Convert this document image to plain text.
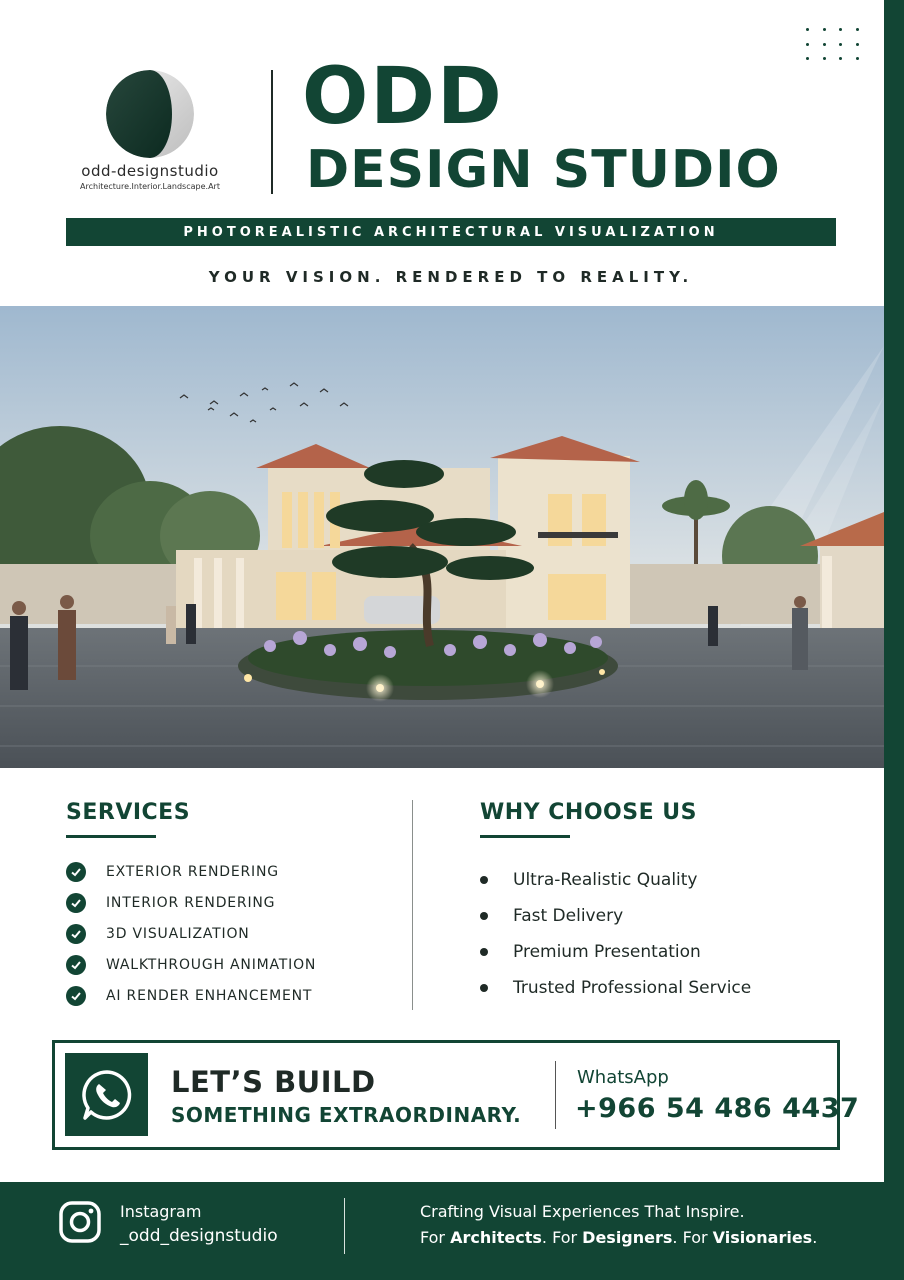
odd-designstudio
Architecture.Interior.Landscape.Art
ODD
DESIGN STUDIO
PHOTOREALISTIC ARCHITECTURAL VISUALIZATION
YOUR VISION. RENDERED TO REALITY.
SERVICES
EXTERIOR RENDERING
INTERIOR RENDERING
3D VISUALIZATION
WALKTHROUGH ANIMATION
AI RENDER ENHANCEMENT
WHY CHOOSE US
Ultra-Realistic Quality
Fast Delivery
Premium Presentation
Trusted Professional Service
LET’S BUILD
SOMETHING EXTRAORDINARY.
WhatsApp
+966 54 486 4437
Instagram
_odd_designstudio
Crafting Visual Experiences That Inspire.
For Architects. For Designers. For Visionaries.
